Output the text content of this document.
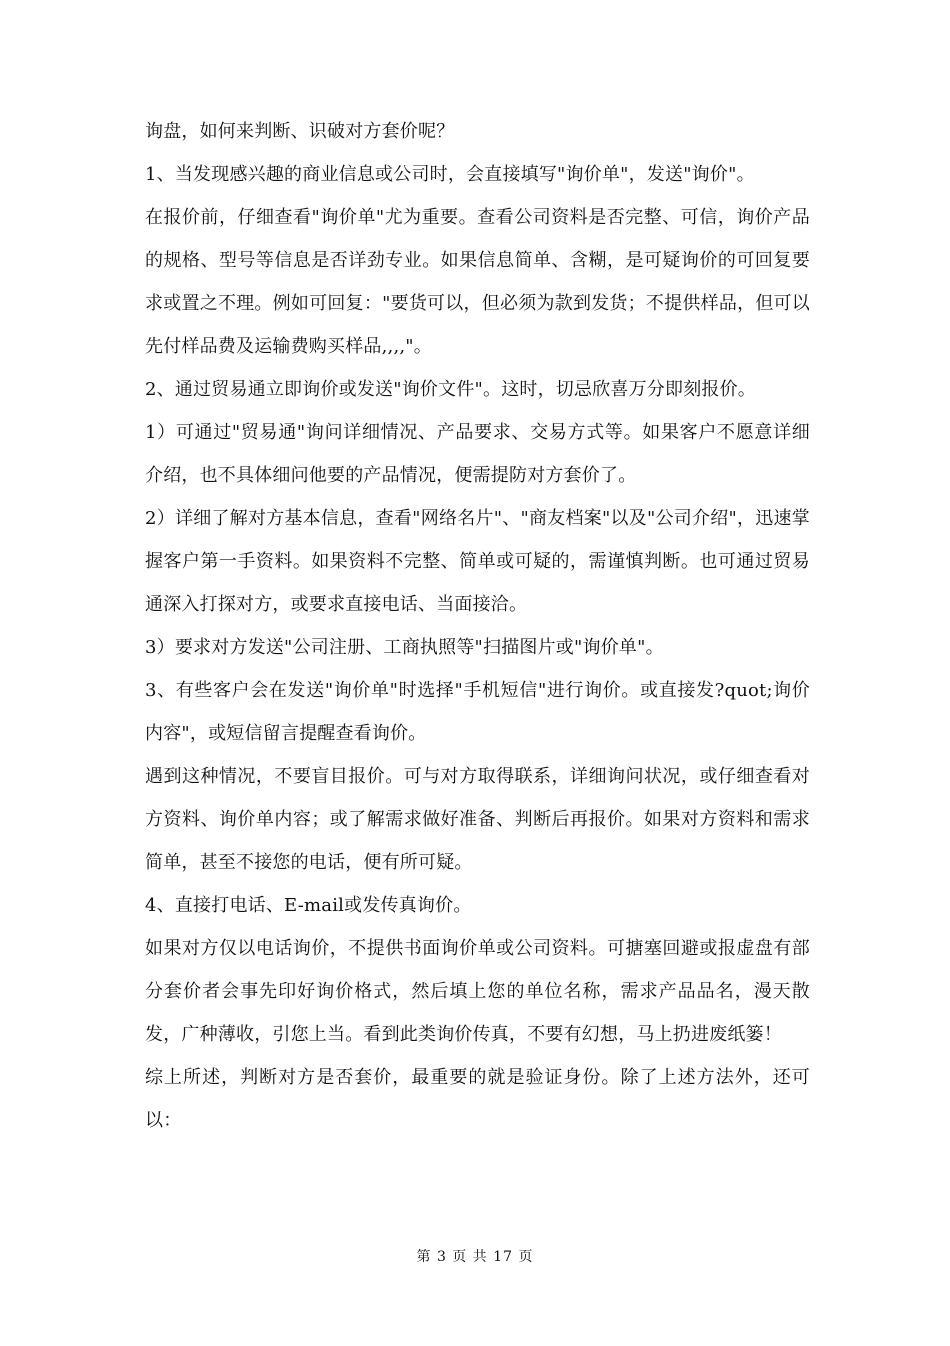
询盘，如何来判断、识破对方套价呢？

1、当发现感兴趣的商业信息或公司时，会直接填写"询价单"，发送"询价"。

在报价前，仔细查看"询价单"尤为重要。查看公司资料是否完整、可信，询价产品的规格、型号等信息是否详劲专业。如果信息简单、含糊，是可疑询价的可回复要求或置之不理。例如可回复："要货可以，但必须为款到发货；不提供样品，但可以先付样品费及运输费购买样品,,,,"。

2、通过贸易通立即询价或发送"询价文件"。这时，切忌欣喜万分即刻报价。

1）可通过"贸易通"询问详细情况、产品要求、交易方式等。如果客户不愿意详细介绍，也不具体细问他要的产品情况，便需提防对方套价了。

2）详细了解对方基本信息，查看"网络名片"、"商友档案"以及"公司介绍"，迅速掌握客户第一手资料。如果资料不完整、简单或可疑的，需谨慎判断。也可通过贸易通深入打探对方，或要求直接电话、当面接洽。

3）要求对方发送"公司注册、工商执照等"扫描图片或"询价单"。

3、有些客户会在发送"询价单"时选择"手机短信"进行询价。或直接发?quot;询价内容"，或短信留言提醒查看询价。

遇到这种情况，不要盲目报价。可与对方取得联系，详细询问状况，或仔细查看对方资料、询价单内容；或了解需求做好准备、判断后再报价。如果对方资料和需求简单，甚至不接您的电话，便有所可疑。

4、直接打电话、E-mail或发传真询价。

如果对方仅以电话询价，不提供书面询价单或公司资料。可搪塞回避或报虚盘有部分套价者会事先印好询价格式，然后填上您的单位名称，需求产品品名，漫天散发，广种薄收，引您上当。看到此类询价传真，不要有幻想，马上扔进废纸篓！

综上所述，判断对方是否套价，最重要的就是验证身份。除了上述方法外，还可以：

第 3 页 共 17 页
